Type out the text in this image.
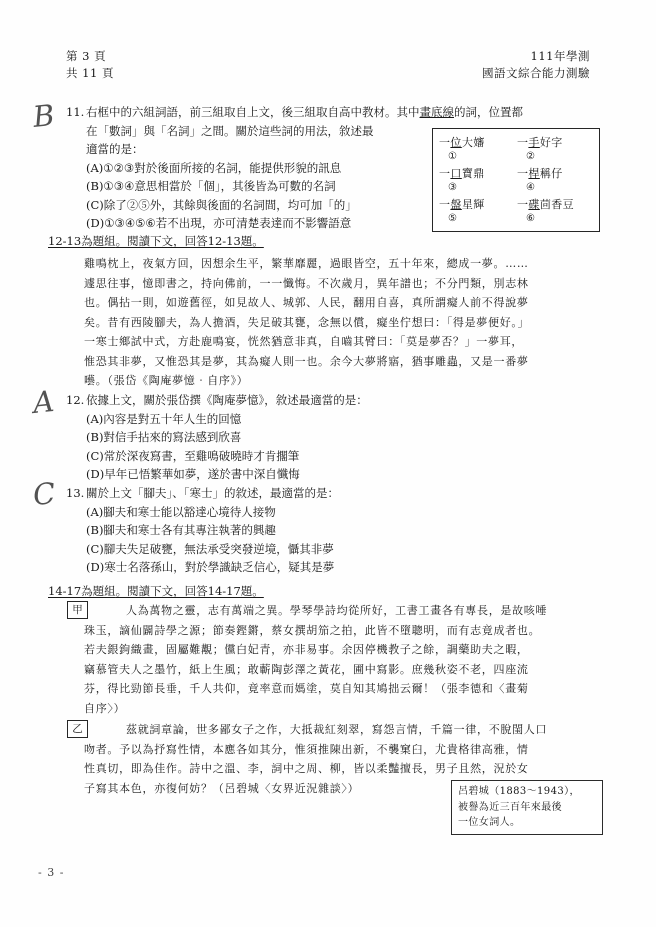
第 3 頁	111年學測
共 11 頁	國語文綜合能力測驗
B
A
C
11. 右框中的六組詞語，前三組取自上文，後三組取自高中教材。其中畫底線的詞，位置都
在「數詞」與「名詞」之間。關於這些詞的用法，敘述最
適當的是：
(A)①②③對於後面所接的名詞，能提供形貌的訊息
(B)①③④意思相當於「個」，其後皆為可數的名詞
(C)除了②⑤外，其餘與後面的名詞間，均可加「的」
(D)①③④⑤⑥若不出現，亦可清楚表達而不影響語意
一位大嬸
①
一手好字
②
一口寶鼎
③
一桿稱仔
④
一盤星輝
⑤
一碟茴香豆
⑥
12-13為題組。閱讀下文，回答12-13題。

雞鳴枕上，夜氣方回，因想余生平，繁華靡麗，過眼皆空，五十年來，總成一夢。……

遽思往事，憶即書之，持向佛前，一一懺悔。不次歲月，異年譜也；不分門類，別志林

也。偶拈一則，如遊舊徑，如見故人、城郭、人民，翻用自喜，真所謂癡人前不得說夢

矣。昔有西陵腳夫，為人擔酒，失足破其甕，念無以償，癡坐佇想曰：「得是夢便好。」

一寒士鄉試中式，方赴鹿鳴宴，恍然猶意非真，自嚙其臂曰：「莫是夢否？」一夢耳，

惟恐其非夢，又惟恐其是夢，其為癡人則一也。余今大夢將寤，猶事雕蟲，又是一番夢

囈。（張岱《陶庵夢憶‧自序》）

12. 依據上文，關於張岱撰《陶庵夢憶》，敘述最適當的是：
(A)內容是對五十年人生的回憶
(B)對信手拈來的寫法感到欣喜
(C)常於深夜寫書，至雞鳴破曉時才肯擱筆
(D)早年已悟繁華如夢，遂於書中深自懺悔
13. 關於上文「腳夫」、「寒士」的敘述，最適當的是：
(A)腳夫和寒士能以豁達心境待人接物
(B)腳夫和寒士各有其專注執著的興趣
(C)腳夫失足破甕，無法承受突發逆境，懾其非夢
(D)寒士名落孫山，對於學識缺乏信心，疑其是夢
14-17為題組。閱讀下文，回答14-17題。
甲	人為萬物之靈，志有萬端之異。學琴學詩均從所好，工書工畫各有專長，是故咳唾

珠玉，謫仙闢詩學之源；節奏鏗鏘，蔡女撰胡笳之拍，此皆不墮聰明，而有志竟成者也。

若夫銀鉤織畫，固屬難覯；儻白妃青，亦非易事。余因停機教子之餘，調藥助夫之暇，

竊慕管夫人之墨竹，紙上生風；敢蘄陶彭澤之黃花，圃中寫影。庶幾秋姿不老，四座流

芬，得比勁節長垂，千人共仰，竟率意而媽塗，莫自知其鳩拙云爾！（張李德和〈畫菊

自序〉）

乙	茲就詞章論，世多鄙女子之作，大抵裁紅刻翠，寫怨言情，千篇一律，不脫閨人口

吻者。予以為抒寫性情，本應各如其分，惟須推陳出新，不襲窠臼，尤貴格律高雅，情

性真切，即為佳作。詩中之溫、李，詞中之周、柳，皆以柔豔擅長，男子且然，況於女

子寫其本色，亦復何妨？（呂碧城〈女界近況雜談〉）	呂碧城（1883～1943），
被譽為近三百年來最後
一位女詞人。
- 3 -
